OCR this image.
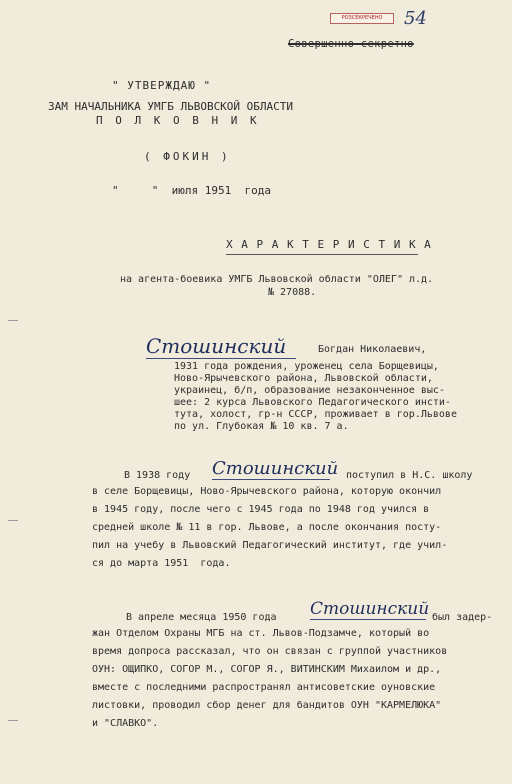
РОЗСЕКРЕЧЕНО	54
Совершенно секретно
" УТВЕРЖДАЮ "
ЗАМ НАЧАЛЬНИКА УМГБ ЛЬВОВСКОЙ ОБЛАСТИ
П О Л К О В Н И К
( ФОКИН )
"     "  июля 1951  года
Х А Р А К Т Е Р И С Т И К А
на агента-боевика УМГБ Львовской области "ОЛЕГ" л.д.
№ 27088.
Стошинский	Богдан Николаевич,
1931 года рождения, уроженец села Борщевицы,
Ново-Ярычевского района, Львовской области,
украинец, б/п, образование незаконченное выс-
шее: 2 курса Львовского Педагогического инсти-
тута, холост, гр-н СССР, проживает в гор.Львове
по ул. Глубокая № 10 кв. 7 а.
В 1938 году Стошинский поступил в Н.С. школу
в селе Борщевицы, Ново-Ярычевского района, которую окончил
в 1945 году, после чего с 1945 года по 1948 год учился в
средней школе № 11 в гор. Львове, а после окончания посту-
пил на учебу в Львовский Педагогический институт, где учил-
ся до марта 1951  года.
В апреле месяца 1950 года Стошинский был задер-
жан Отделом Охраны МГБ на ст. Львов-Подзамче, который во
время допроса рассказал, что он связан с группой участников
ОУН: ОЩИПКО, СОГОР М., СОГОР Я., ВИТИНСКИМ Михаилом и др.,
вместе с последними распространял антисоветские оуновские
листовки, проводил сбор денег для бандитов ОУН "КАРМЕЛЮКА"
и "СЛАВКО".
